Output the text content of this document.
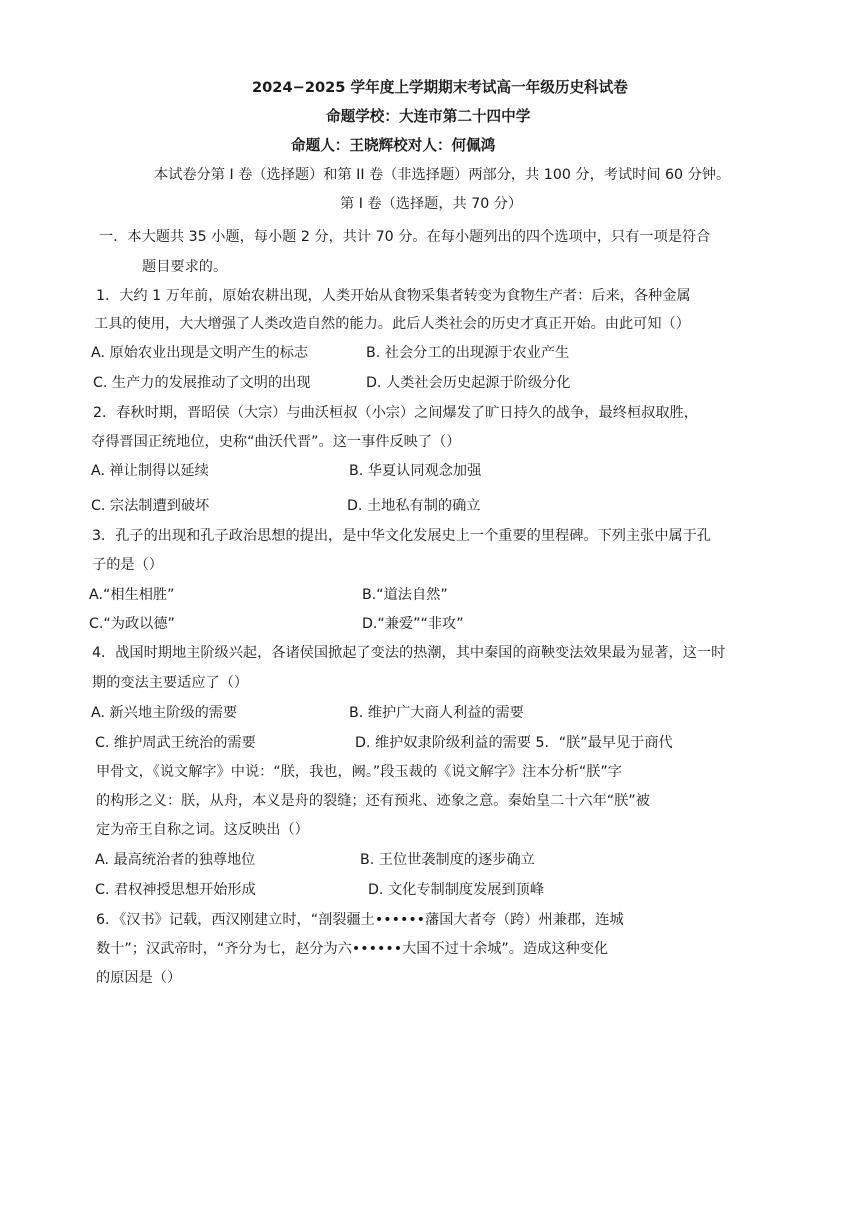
2024−2025 学年度上学期期末考试高一年级历史科试卷
命题学校：大连市第二十四中学
命题人：王晓辉校对人：何佩鸿
本试卷分第 I 卷（选择题）和第 II 卷（非选择题）两部分，共 100 分，考试时间 60 分钟。
第 I 卷（选择题，共 70 分）
一．本大题共 35 小题，每小题 2 分，共计 70 分。在每小题列出的四个选项中，只有一项是符合
题目要求的。
1．大约 1 万年前，原始农耕出现，人类开始从食物采集者转变为食物生产者：后来，各种金属
工具的使用，大大增强了人类改造自然的能力。此后人类社会的历史才真正开始。由此可知（）
A. 原始农业出现是文明产生的标志	B. 社会分工的出现源于农业产生
C. 生产力的发展推动了文明的出现	D. 人类社会历史起源于阶级分化
2．春秋时期，晋昭侯（大宗）与曲沃桓叔（小宗）之间爆发了旷日持久的战争，最终桓叔取胜，
夺得晋国正统地位，史称“曲沃代晋”。这一事件反映了（）
A. 禅让制得以延续	B. 华夏认同观念加强
C. 宗法制遭到破坏	D. 土地私有制的确立
3．孔子的出现和孔子政治思想的提出，是中华文化发展史上一个重要的里程碑。下列主张中属于孔
子的是（）
A.“相生相胜”	B.“道法自然”
C.“为政以德”	D.“兼爱”“非攻”
4．战国时期地主阶级兴起，各诸侯国掀起了变法的热潮，其中秦国的商鞅变法效果最为显著，这一时
期的变法主要适应了（）
A. 新兴地主阶级的需要	B. 维护广大商人利益的需要
C. 维护周武王统治的需要	D. 维护奴隶阶级利益的需要 5．“朕”最早见于商代
甲骨文，《说文解字》中说：“朕，我也，阙。”段玉裁的《说文解字》注本分析“朕”字
的构形之义：朕，从舟，本义是舟的裂缝；还有预兆、迹象之意。秦始皇二十六年“朕”被
定为帝王自称之词。这反映出（）
A. 最高统治者的独尊地位	B. 王位世袭制度的逐步确立
C. 君权神授思想开始形成	D. 文化专制制度发展到顶峰
6．《汉书》记载，西汉刚建立时，“剖裂疆土••••••藩国大者夸（跨）州兼郡，连城
数十”；汉武帝时，“齐分为七，赵分为六••••••大国不过十余城”。造成这种变化
的原因是（）
